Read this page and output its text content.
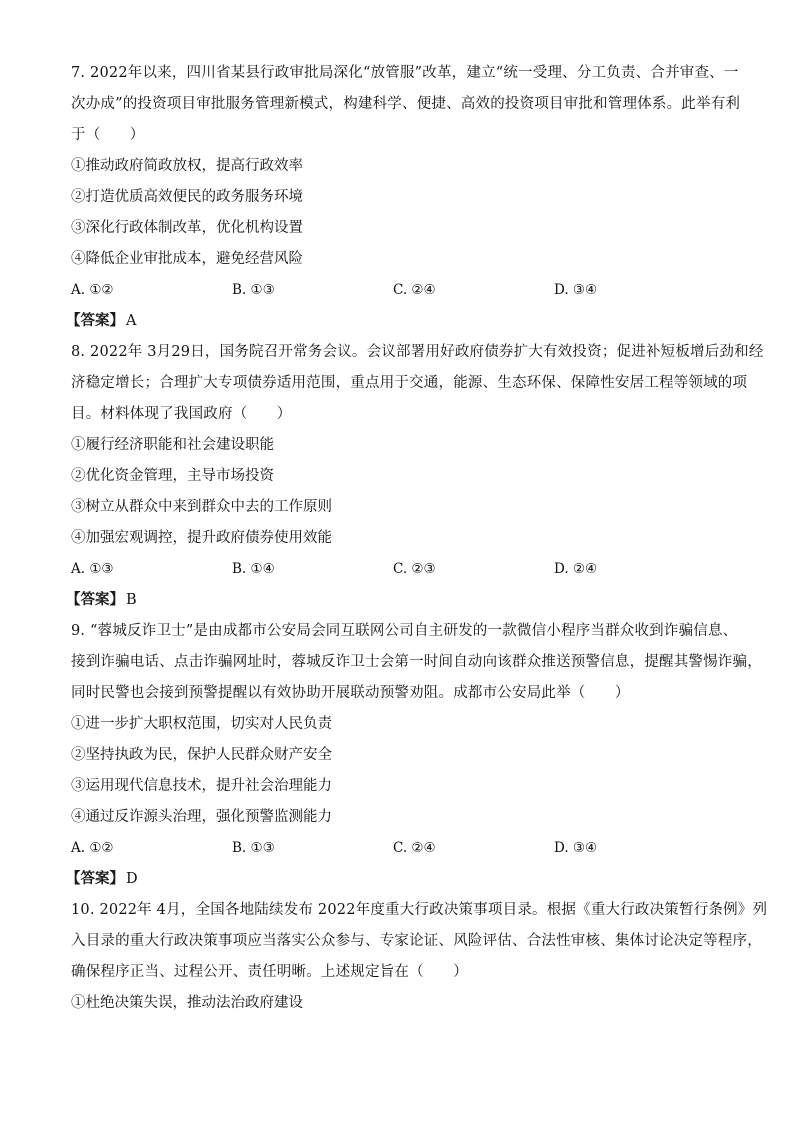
7. 2022年以来，四川省某县行政审批局深化“放管服”改革，建立“统一受理、分工负责、合并审查、一
次办成”的投资项目审批服务管理新模式，构建科学、便捷、高效的投资项目审批和管理体系。此举有利
于（　　）
①推动政府简政放权，提高行政效率
②打造优质高效便民的政务服务环境
③深化行政体制改革，优化机构设置
④降低企业审批成本，避免经营风险
A. ①②	B. ①③	C. ②④	D. ③④
【答案】 A
8. 2022年 3月29日，国务院召开常务会议。会议部署用好政府债券扩大有效投资；促进补短板增后劲和经
济稳定增长；合理扩大专项债券适用范围，重点用于交通，能源、生态环保、保障性安居工程等领域的项
目。材料体现了我国政府（　　）
①履行经济职能和社会建设职能
②优化资金管理，主导市场投资
③树立从群众中来到群众中去的工作原则
④加强宏观调控，提升政府债券使用效能
A. ①③	B. ①④	C. ②③	D. ②④
【答案】 B
9. “蓉城反诈卫士”是由成都市公安局会同互联网公司自主研发的一款微信小程序当群众收到诈骗信息、
接到诈骗电话、点击诈骗网址时，蓉城反诈卫士会第一时间自动向该群众推送预警信息，提醒其警惕诈骗，
同时民警也会接到预警提醒以有效协助开展联动预警劝阻。成都市公安局此举（　　）
①进一步扩大职权范围，切实对人民负责
②坚持执政为民，保护人民群众财产安全
③运用现代信息技术，提升社会治理能力
④通过反诈源头治理，强化预警监测能力
A. ①②	B. ①③	C. ②④	D. ③④
【答案】 D
10. 2022年 4月，全国各地陆续发布 2022年度重大行政决策事项目录。根据《重大行政决策暂行条例》列
入目录的重大行政决策事项应当落实公众参与、专家论证、风险评估、合法性审核、集体讨论决定等程序，
确保程序正当、过程公开、责任明晰。上述规定旨在（　　）
①杜绝决策失误，推动法治政府建设
